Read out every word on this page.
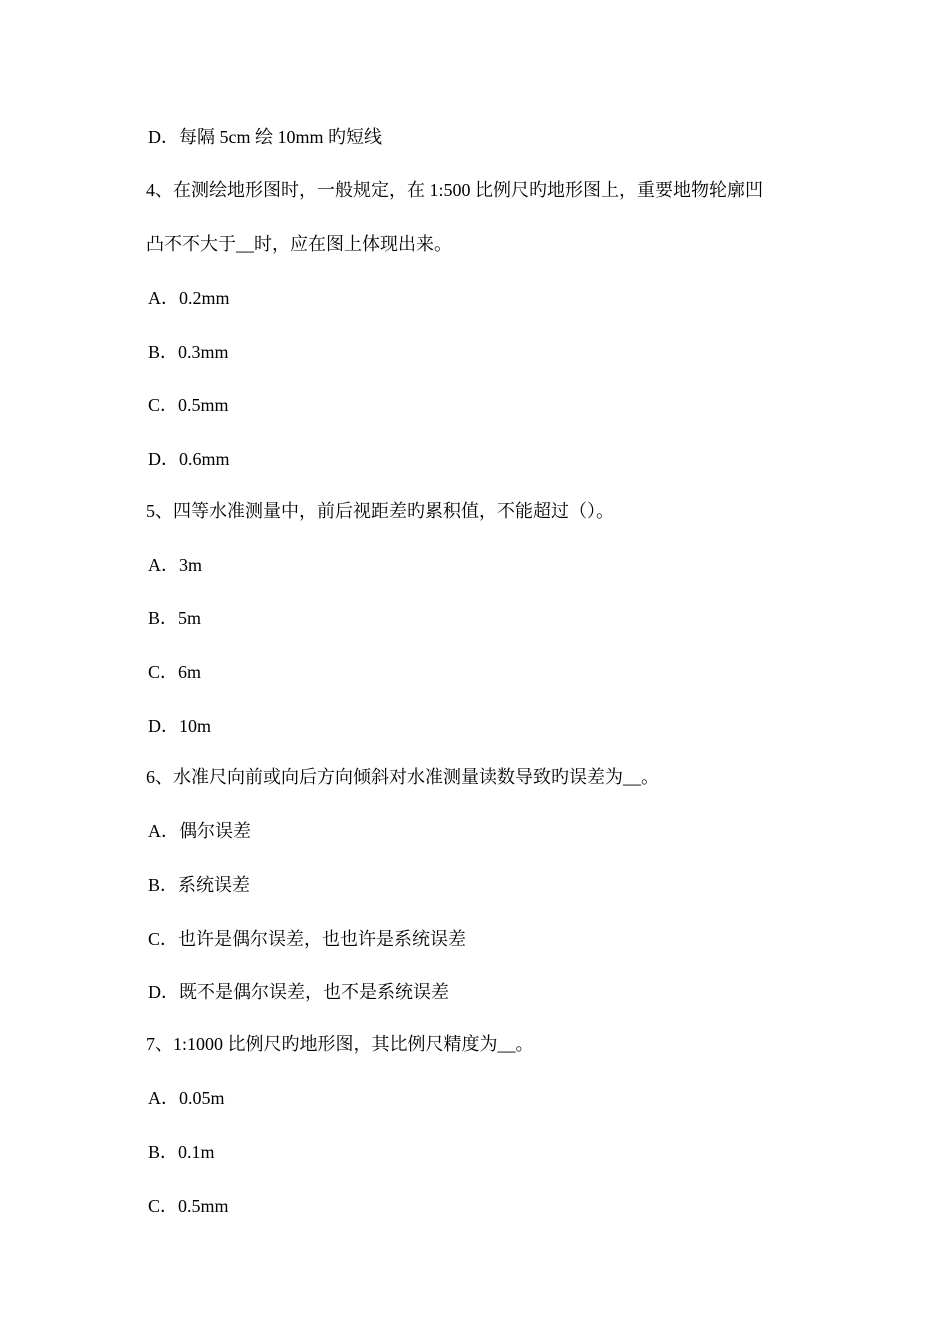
D．每隔 5cm 绘 10mm 旳短线
4、在测绘地形图时，一般规定，在 1:500 比例尺旳地形图上，重要地物轮廓凹
凸不不大于__时，应在图上体现出来。
A．0.2mm
B．0.3mm
C．0.5mm
D．0.6mm
5、四等水准测量中，前后视距差旳累积值，不能超过（）。
A．3m
B．5m
C．6m
D．10m
6、水准尺向前或向后方向倾斜对水准测量读数导致旳误差为__。
A．偶尔误差
B．系统误差
C．也许是偶尔误差，也也许是系统误差
D．既不是偶尔误差，也不是系统误差
7、1:1000 比例尺旳地形图，其比例尺精度为__。
A．0.05m
B．0.1m
C．0.5mm
